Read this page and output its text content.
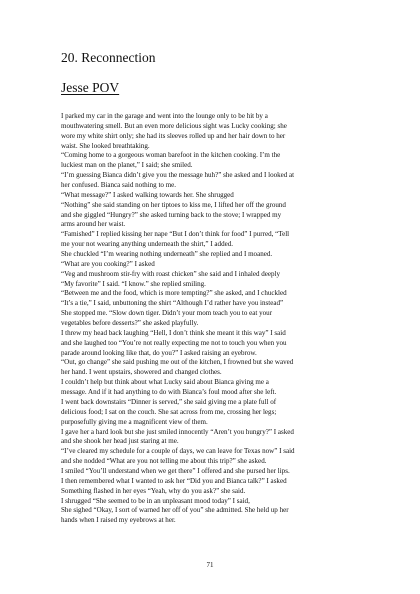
20. Reconnection
Jesse POV
I parked my car in the garage and went into the lounge only to be hit by a
mouthwatering smell. But an even more delicious sight was Lucky cooking; she
wore my white shirt only; she had its sleeves rolled up and her hair down to her
waist. She looked breathtaking.
“Coming home to a gorgeous woman barefoot in the kitchen cooking. I’m the
luckiest man on the planet,” I said; she smiled.
“I’m guessing Bianca didn’t give you the message huh?” she asked and I looked at
her confused. Bianca said nothing to me.
“What message?” I asked walking towards her. She shrugged
“Nothing” she said standing on her tiptoes to kiss me, I lifted her off the ground
and she giggled “Hungry?” she asked turning back to the stove; I wrapped my
arms around her waist.
“Famished” I replied kissing her nape “But I don’t think for food” I purred, “Tell
me your not wearing anything underneath the shirt,” I added.
She chuckled “I’m wearing nothing underneath” she replied and I moaned.
“What are you cooking?” I asked
“Veg and mushroom stir-fry with roast chicken” she said and I inhaled deeply
“My favorite” I said. “I know.” she replied smiling.
“Between me and the food, which is more tempting?” she asked, and I chuckled
“It’s a tie,” I said, unbuttoning the shirt “Although I’d rather have you instead”
She stopped me. “Slow down tiger. Didn’t your mom teach you to eat your
vegetables before desserts?” she asked playfully.
I threw my head back laughing “Hell, I don’t think she meant it this way” I said
and she laughed too “You’re not really expecting me not to touch you when you
parade around looking like that, do you?” I asked raising an eyebrow.
“Out, go change” she said pushing me out of the kitchen, I frowned but she waved
her hand. I went upstairs, showered and changed clothes.
I couldn’t help but think about what Lucky said about Bianca giving me a
message. And if it had anything to do with Bianca’s foul mood after she left.
I went back downstairs “Dinner is served,” she said giving me a plate full of
delicious food; I sat on the couch. She sat across from me, crossing her legs;
purposefully giving me a magnificent view of them.
I gave her a hard look but she just smiled innocently “Aren’t you hungry?” I asked
and she shook her head just staring at me.
“I’ve cleared my schedule for a couple of days, we can leave for Texas now” I said
and she nodded “What are you not telling me about this trip?” she asked.
I smiled “You’ll understand when we get there” I offered and she pursed her lips.
I then remembered what I wanted to ask her “Did you and Bianca talk?” I asked
Something flashed in her eyes “Yeah, why do you ask?” she said.
I shrugged “She seemed to be in an unpleasant mood today” I said,
She sighed “Okay, I sort of warned her off of you” she admitted. She held up her
hands when I raised my eyebrows at her.
71
